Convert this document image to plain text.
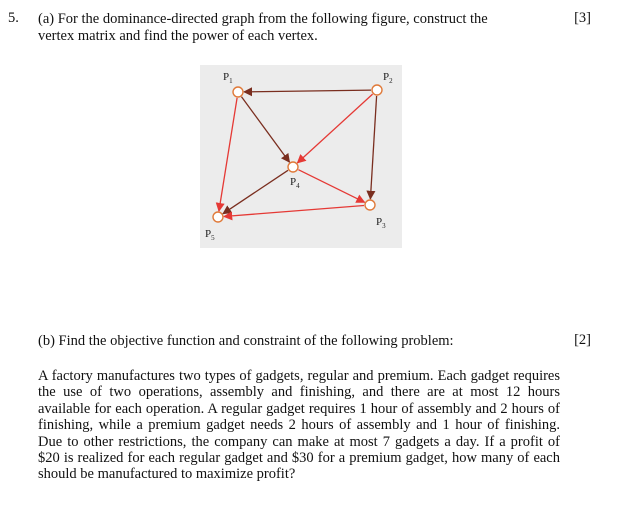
5. (a) For the dominance-directed graph from the following figure, construct the
vertex matrix and find the power of each vertex.
[3]
$P_1$	$P_2$
$P_3$
$P_4$
$P_5$
(b) Find the objective function and constraint of the following problem:	[2]
A factory manufactures two types of gadgets, regular and premium. Each gadget requires the use of two operations, assembly and finishing, and there are at most 12 hours available for each operation. A regular gadget requires 1 hour of assembly and 2 hours of finishing, while a premium gadget needs 2 hours of assembly and 1 hour of finishing. Due to other restrictions, the company can make at most 7 gadgets a day. If a profit of $20 is realized for each regular gadget and $30 for a premium gadget, how many of each should be manufactured to maximize profit?
